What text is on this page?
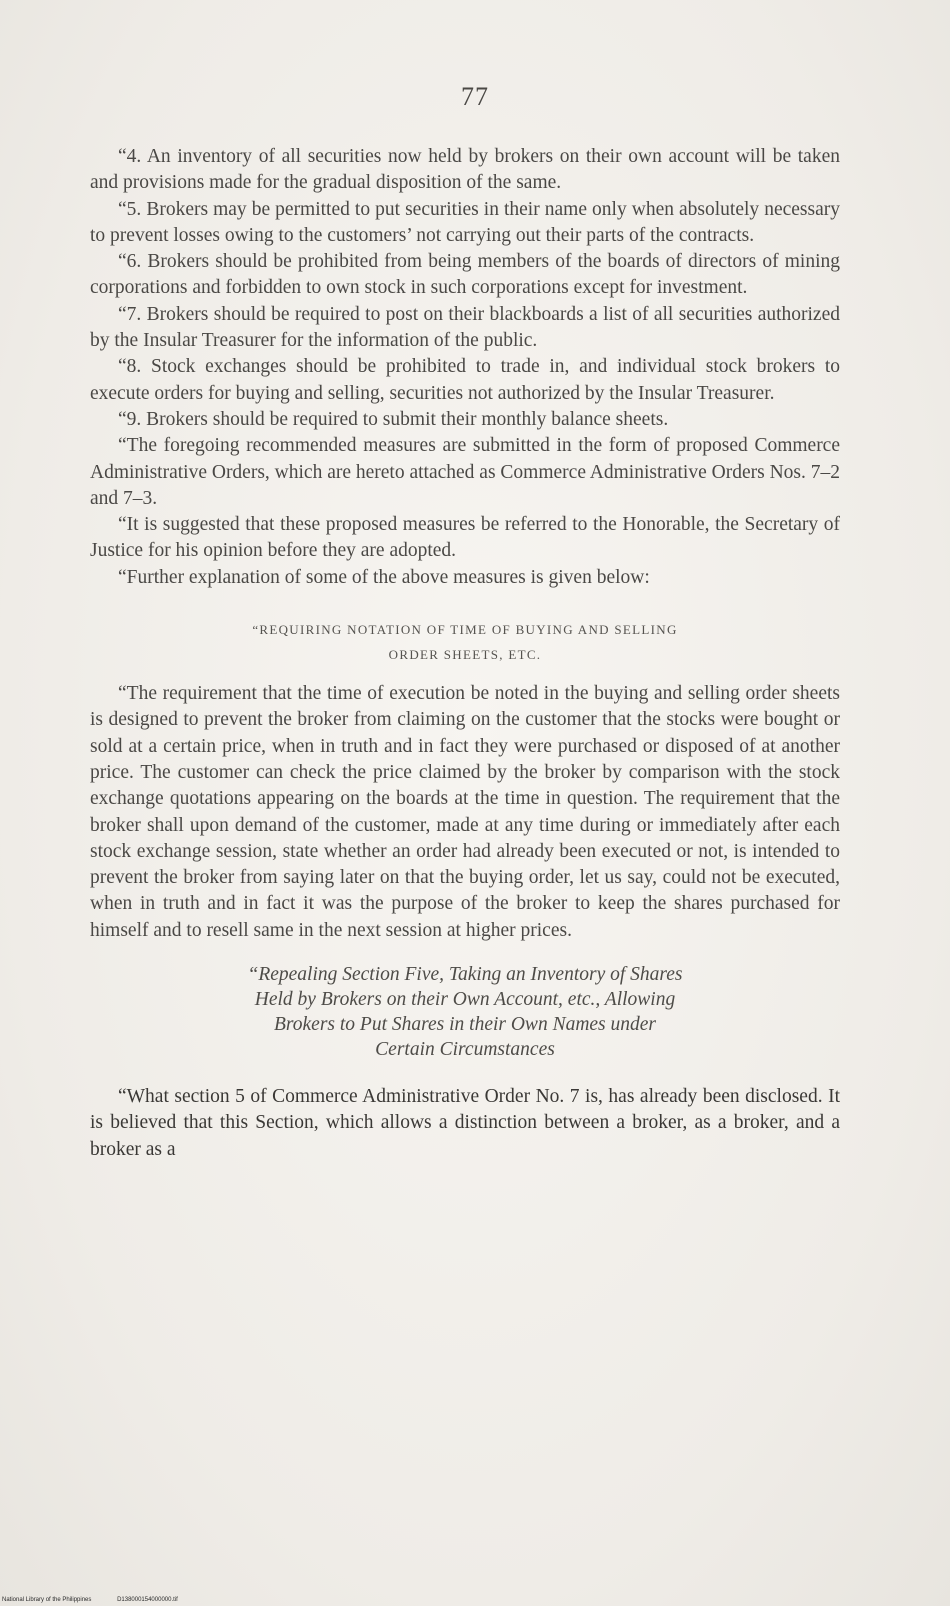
77

“4. An inventory of all securities now held by brokers on their own account will be taken and provisions made for the gradual disposition of the same.

“5. Brokers may be permitted to put securities in their name only when absolutely necessary to prevent losses owing to the customers’ not carrying out their parts of the contracts.

“6. Brokers should be prohibited from being members of the boards of directors of mining corporations and forbidden to own stock in such corporations except for investment.

“7. Brokers should be required to post on their blackboards a list of all securities authorized by the Insular Treasurer for the information of the public.

“8. Stock exchanges should be prohibited to trade in, and individual stock brokers to execute orders for buying and selling, securities not authorized by the Insular Treasurer.

“9. Brokers should be required to submit their monthly balance sheets.

“The foregoing recommended measures are submitted in the form of proposed Commerce Administrative Orders, which are hereto attached as Commerce Administrative Orders Nos. 7–2 and 7–3.

“It is suggested that these proposed measures be referred to the Honorable, the Secretary of Justice for his opinion before they are adopted.

“Further explanation of some of the above measures is given below:

“REQUIRING NOTATION OF TIME OF BUYING AND SELLING
ORDER SHEETS, ETC.

“The requirement that the time of execution be noted in the buying and selling order sheets is designed to prevent the broker from claiming on the customer that the stocks were bought or sold at a certain price, when in truth and in fact they were purchased or disposed of at another price. The customer can check the price claimed by the broker by comparison with the stock exchange quotations appearing on the boards at the time in question. The requirement that the broker shall upon demand of the customer, made at any time during or immediately after each stock exchange session, state whether an order had already been executed or not, is intended to prevent the broker from saying later on that the buying order, let us say, could not be executed, when in truth and in fact it was the purpose of the broker to keep the shares purchased for himself and to resell same in the next session at higher prices.

“Repealing Section Five, Taking an Inventory of Shares
Held by Brokers on their Own Account, etc., Allowing
Brokers to Put Shares in their Own Names under
Certain Circumstances

“What section 5 of Commerce Administrative Order No. 7 is, has already been disclosed. It is believed that this Section, which allows a distinction between a broker, as a broker, and a broker as a

National Library of the Philippines	D138000154000000.tif
